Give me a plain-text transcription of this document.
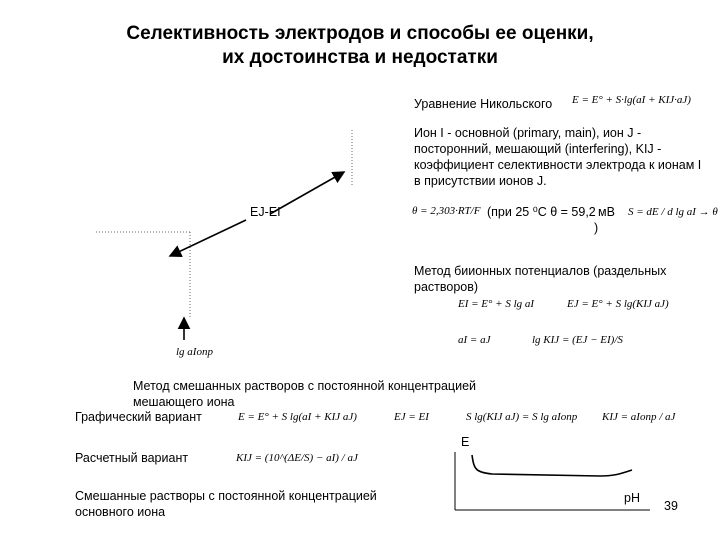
Селективность электродов и способы ее оценки,
их достоинства и недостатки
Уравнение Никольского E = E° + S·lg(aI + KIJ·aJ)
Ион I - основной (primary, main), ион J - посторонний, мешающий (interfering), KIJ - коэффициент селективности электрода к ионам I в присутствии ионов J.
θ = 2,303·RT/F (при 25 ⁰C θ = 59,2 мВ
)
S = dE / d lg aI → θ
EJ-EI
lg aIопр
Метод биионных потенциалов (раздельных растворов)
EI = E° + S lg aI	EJ = E° + S lg(KIJ aJ)
aI = aJ	lg KIJ = (EJ − EI)/S
Метод смешанных растворов с постоянной концентрацией мешающего иона
Графический вариант	E = E° + S lg(aI + KIJ aJ)	EJ = EI	S lg(KIJ aJ) = S lg aIопр KIJ = aIопр / aJ
Расчетный вариант	KIJ = (10^(ΔE/S) − aI) / aJ
Смешанные растворы с постоянной концентрацией основного иона
E
pH
39
